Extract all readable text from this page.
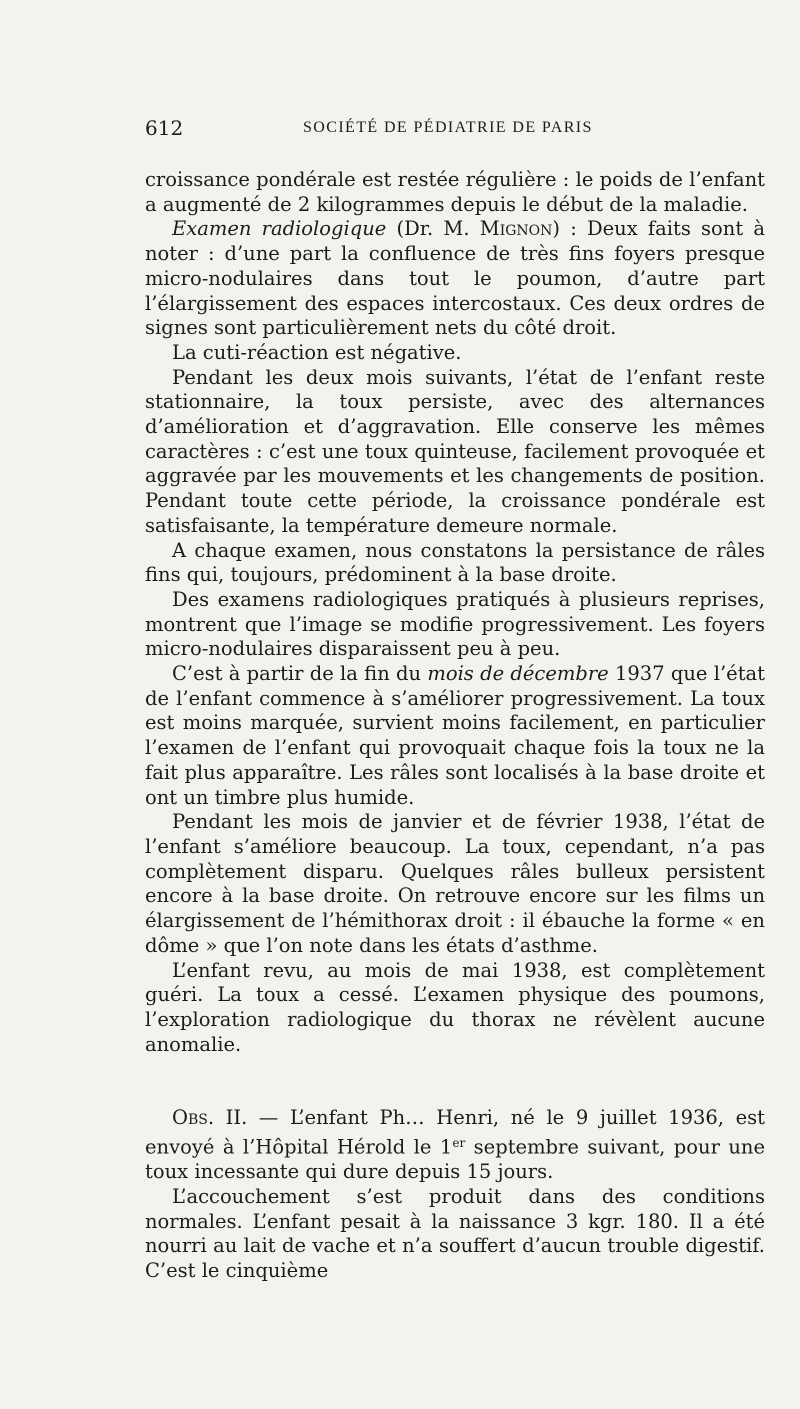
612	SOCIÉTÉ DE PÉDIATRIE DE PARIS

croissance pondérale est restée régulière : le poids de l’enfant a augmenté de 2 kilogrammes depuis le début de la maladie.

Examen radiologique (Dr. M. Mignon) : Deux faits sont à noter : d’une part la confluence de très fins foyers presque micro-nodulaires dans tout le poumon, d’autre part l’élargissement des espaces intercostaux. Ces deux ordres de signes sont particulièrement nets du côté droit.

La cuti-réaction est négative.

Pendant les deux mois suivants, l’état de l’enfant reste stationnaire, la toux persiste, avec des alternances d’amélioration et d’aggravation. Elle conserve les mêmes caractères : c’est une toux quinteuse, facilement provoquée et aggravée par les mouvements et les changements de position. Pendant toute cette période, la croissance pondérale est satisfaisante, la température demeure normale.

A chaque examen, nous constatons la persistance de râles fins qui, toujours, prédominent à la base droite.

Des examens radiologiques pratiqués à plusieurs reprises, montrent que l’image se modifie progressivement. Les foyers micro-nodulaires disparaissent peu à peu.

C’est à partir de la fin du mois de décembre 1937 que l’état de l’enfant commence à s’améliorer progressivement. La toux est moins marquée, survient moins facilement, en particulier l’examen de l’enfant qui provoquait chaque fois la toux ne la fait plus apparaître. Les râles sont localisés à la base droite et ont un timbre plus humide.

Pendant les mois de janvier et de février 1938, l’état de l’enfant s’améliore beaucoup. La toux, cependant, n’a pas complètement disparu. Quelques râles bulleux persistent encore à la base droite. On retrouve encore sur les films un élargissement de l’hémithorax droit : il ébauche la forme « en dôme » que l’on note dans les états d’asthme.

L’enfant revu, au mois de mai 1938, est complètement guéri. La toux a cessé. L’examen physique des poumons, l’exploration radiologique du thorax ne révèlent aucune anomalie.

Obs. II. — L’enfant Ph… Henri, né le 9 juillet 1936, est envoyé à l’Hôpital Hérold le 1er septembre suivant, pour une toux incessante qui dure depuis 15 jours.

L’accouchement s’est produit dans des conditions normales. L’enfant pesait à la naissance 3 kgr. 180. Il a été nourri au lait de vache et n’a souffert d’aucun trouble digestif. C’est le cinquième
